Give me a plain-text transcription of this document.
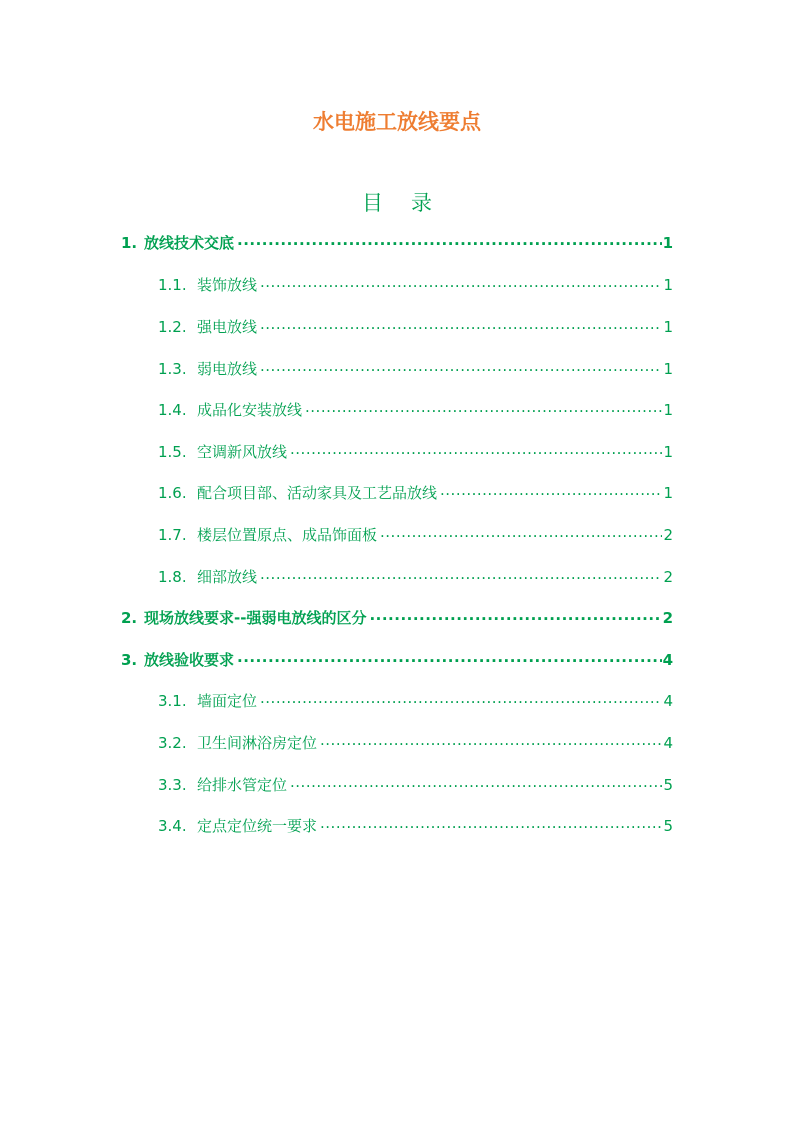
水电施工放线要点
目 录
1. 放线技术交底 .....	1
1.1. 装饰放线 .....	1
1.2. 强电放线 .....	1
1.3. 弱电放线 .....	1
1.4. 成品化安装放线 .....	1
1.5. 空调新风放线 .....	1
1.6. 配合项目部、活动家具及工艺品放线 .....	1
1.7. 楼层位置原点、成品饰面板 .....	2
1.8. 细部放线 .....	2
2. 现场放线要求--强弱电放线的区分 .....	2
3. 放线验收要求 .....	4
3.1. 墙面定位 .....	4
3.2. 卫生间淋浴房定位 .....	4
3.3. 给排水管定位 .....	5
3.4. 定点定位统一要求 .....	5
